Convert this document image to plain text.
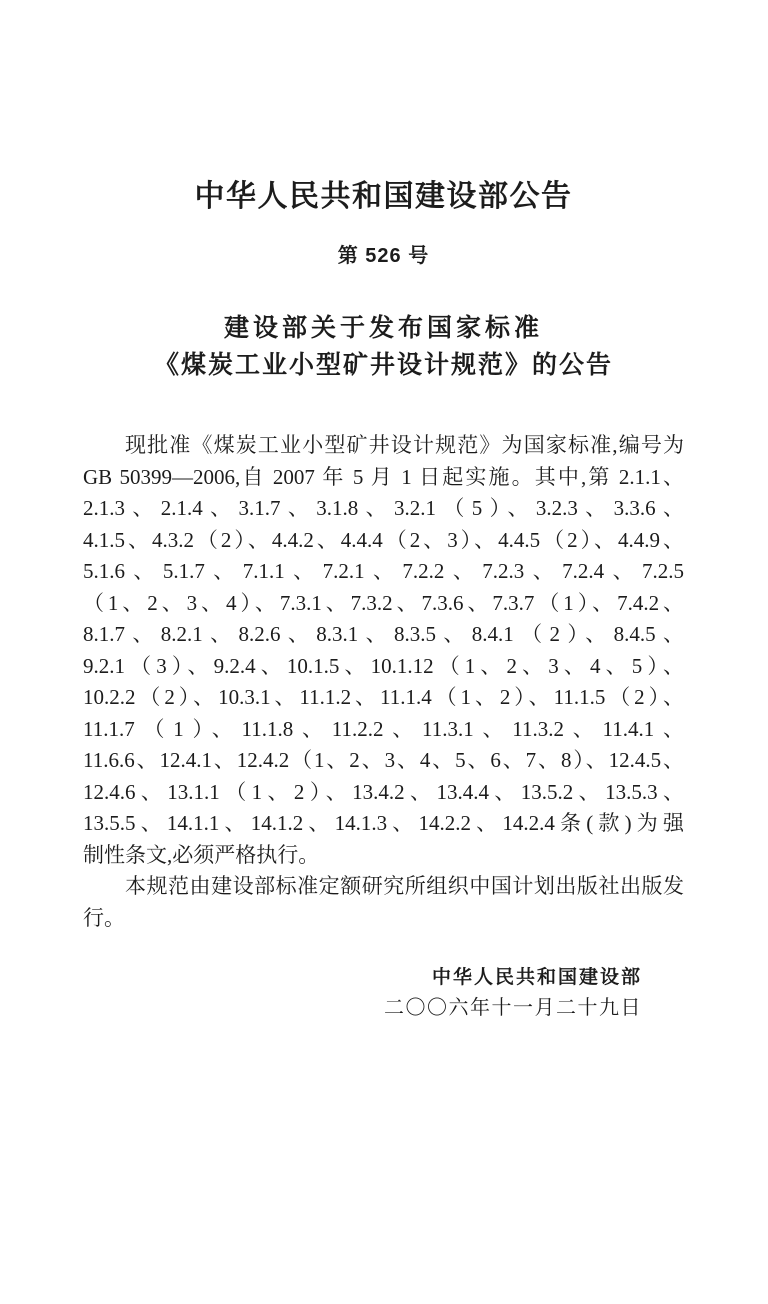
中华人民共和国建设部公告
第 526 号
建设部关于发布国家标准
《煤炭工业小型矿井设计规范》的公告
现批准《煤炭工业小型矿井设计规范》为国家标准,编号为
GB 50399—2006,自 2007 年 5 月 1 日起实施。其中,第 2.1.1、
2.1.3、2.1.4、3.1.7、3.1.8、3.2.1（5）、3.2.3、3.3.6、
4.1.5、4.3.2（2）、4.4.2、4.4.4（2、3）、4.4.5（2）、4.4.9、
5.1.6、5.1.7、7.1.1、7.2.1、7.2.2、7.2.3、7.2.4、7.2.5
（1、2、3、4）、7.3.1、7.3.2、7.3.6、7.3.7（1）、7.4.2、
8.1.7、8.2.1、8.2.6、8.3.1、8.3.5、8.4.1（2）、8.4.5、
9.2.1（3）、9.2.4、10.1.5、10.1.12（1、2、3、4、5）、
10.2.2（2）、10.3.1、11.1.2、11.1.4（1、2）、11.1.5（2）、
11.1.7（1）、11.1.8、11.2.2、11.3.1、11.3.2、11.4.1、
11.6.6、12.4.1、12.4.2（1、2、3、4、5、6、7、8）、12.4.5、
12.4.6、13.1.1（1、2）、13.4.2、13.4.4、13.5.2、13.5.3、
13.5.5、14.1.1、14.1.2、14.1.3、14.2.2、14.2.4条(款)为强
制性条文,必须严格执行。
本规范由建设部标准定额研究所组织中国计划出版社出版发
行。
中华人民共和国建设部
二〇〇六年十一月二十九日
